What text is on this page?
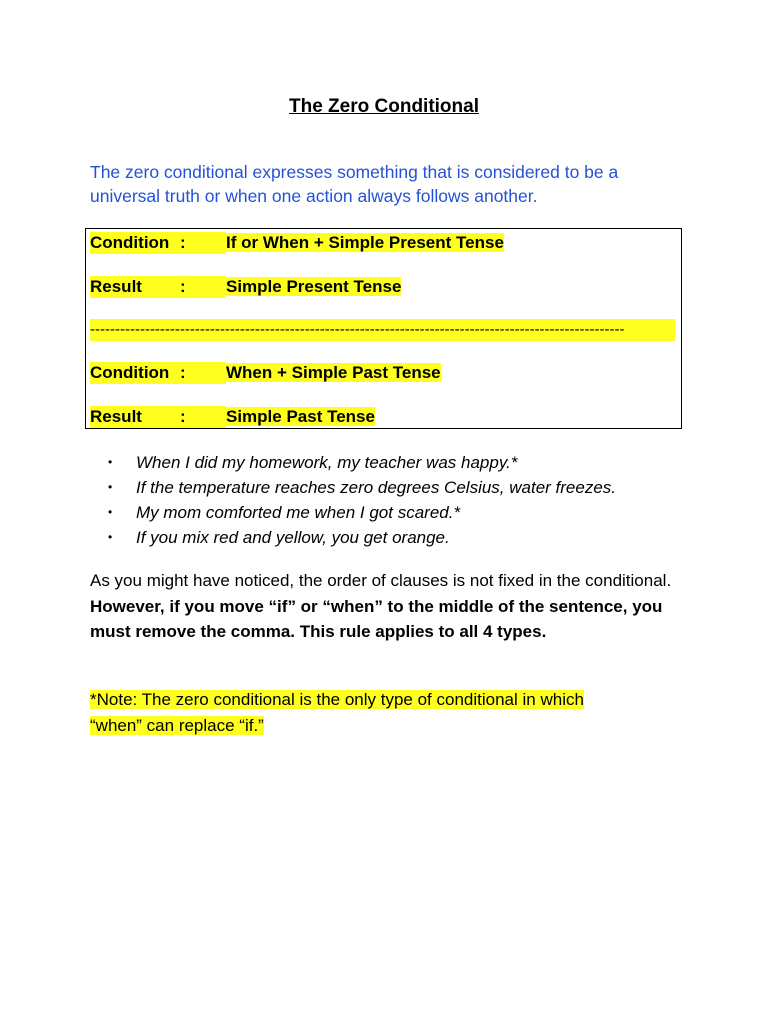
The Zero Conditional
The zero conditional expresses something that is considered to be a universal truth or when one action always follows another.
Condition : If or When + Simple Present Tense
Result : Simple Present Tense
-----------------------------------------------------------------------------------------------------------
Condition : When + Simple Past Tense
Result : Simple Past Tense
• When I did my homework, my teacher was happy.*
• If the temperature reaches zero degrees Celsius, water freezes.
• My mom comforted me when I got scared.*
• If you mix red and yellow, you get orange.
As you might have noticed, the order of clauses is not fixed in the conditional. However, if you move “if” or “when” to the middle of the sentence, you must remove the comma. This rule applies to all 4 types.
*Note: The zero conditional is the only type of conditional in which
“when” can replace “if.”
